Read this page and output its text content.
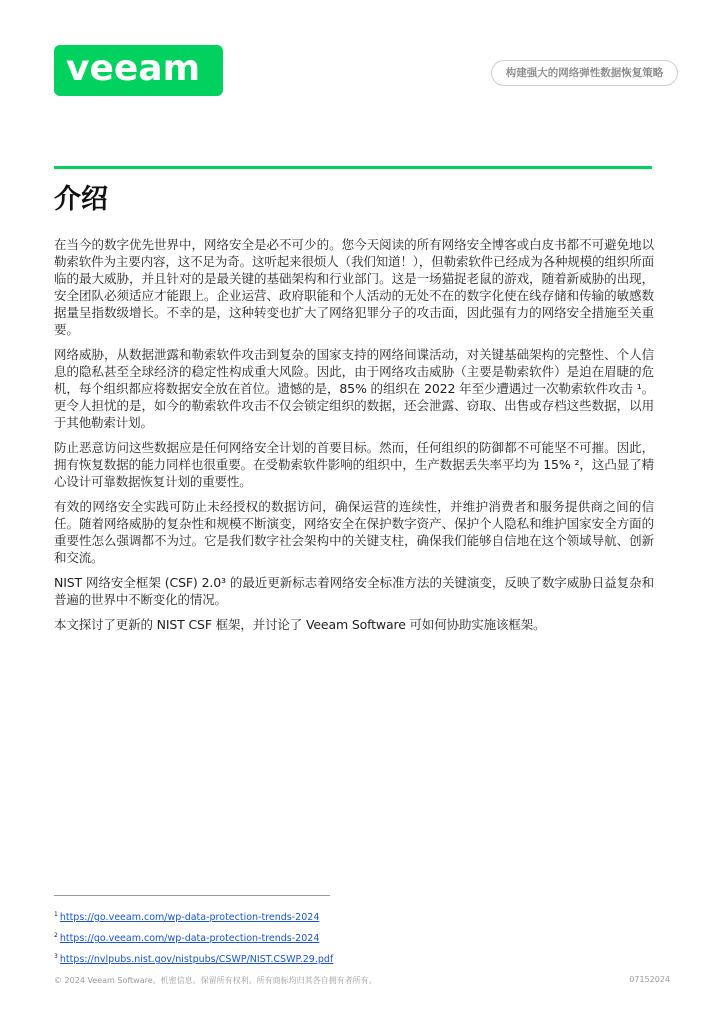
veeam	构建强大的网络弹性数据恢复策略
介绍

在当今的数字优先世界中，网络安全是必不可少的。您今天阅读的所有网络安全博客或白皮书都不可避免地以勒索软件为主要内容，这不足为奇。这听起来很烦人（我们知道！），但勒索软件已经成为各种规模的组织所面临的最大威胁，并且针对的是最关键的基础架构和行业部门。这是一场猫捉老鼠的游戏，随着新威胁的出现，安全团队必须适应才能跟上。企业运营、政府职能和个人活动的无处不在的数字化使在线存储和传输的敏感数据量呈指数级增长。不幸的是，这种转变也扩大了网络犯罪分子的攻击面，因此强有力的网络安全措施至关重要。

网络威胁，从数据泄露和勒索软件攻击到复杂的国家支持的网络间谍活动，对关键基础架构的完整性、个人信息的隐私甚至全球经济的稳定性构成重大风险。因此，由于网络攻击威胁（主要是勒索软件）是迫在眉睫的危机，每个组织都应将数据安全放在首位。遗憾的是，85% 的组织在 2022 年至少遭遇过一次勒索软件攻击 ¹。更令人担忧的是，如今的勒索软件攻击不仅会锁定组织的数据，还会泄露、窃取、出售或存档这些数据，以用于其他勒索计划。

防止恶意访问这些数据应是任何网络安全计划的首要目标。然而，任何组织的防御都不可能坚不可摧。因此，拥有恢复数据的能力同样也很重要。在受勒索软件影响的组织中，生产数据丢失率平均为 15% ²，这凸显了精心设计可靠数据恢复计划的重要性。

有效的网络安全实践可防止未经授权的数据访问，确保运营的连续性，并维护消费者和服务提供商之间的信任。随着网络威胁的复杂性和规模不断演变，网络安全在保护数字资产、保护个人隐私和维护国家安全方面的重要性怎么强调都不为过。它是我们数字社会架构中的关键支柱，确保我们能够自信地在这个领域导航、创新和交流。

NIST 网络安全框架 (CSF) 2.0³ 的最近更新标志着网络安全标准方法的关键演变，反映了数字威胁日益复杂和普遍的世界中不断变化的情况。

本文探讨了更新的 NIST CSF 框架，并讨论了 Veeam Software 可如何协助实施该框架。

$^1$ https://go.veeam.com/wp-data-protection-trends-2024
$^2$ https://go.veeam.com/wp-data-protection-trends-2024
$^3$ https://nvlpubs.nist.gov/nistpubs/CSWP/NIST.CSWP.29.pdf
© 2024 Veeam Software。机密信息。保留所有权利。所有商标均归其各自拥有者所有。	07152024
